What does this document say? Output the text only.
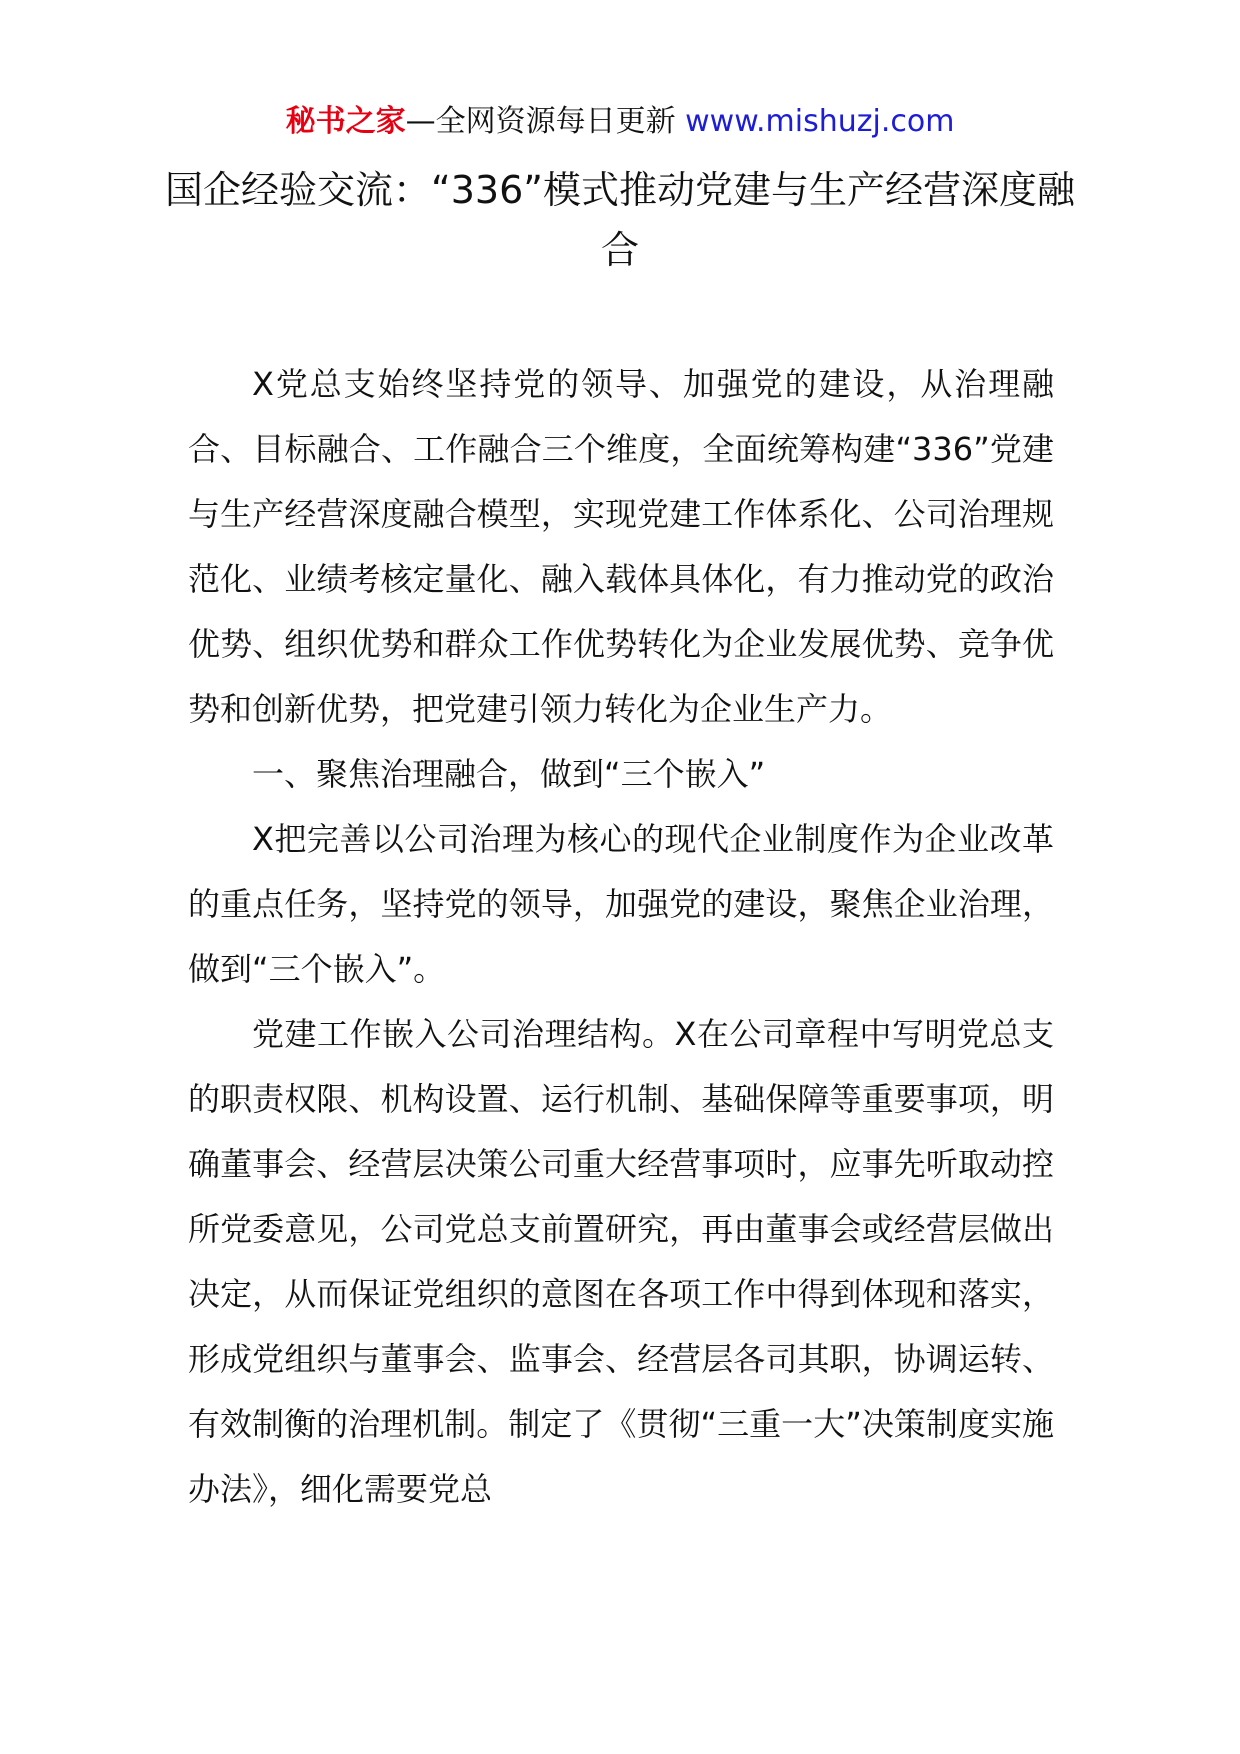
秘书之家—全网资源每日更新 www.mishuzj.com
国企经验交流：“336”模式推动党建与生产经营深度融合

X党总支始终坚持党的领导、加强党的建设，从治理融合、目标融合、工作融合三个维度，全面统筹构建“336”党建与生产经营深度融合模型，实现党建工作体系化、公司治理规范化、业绩考核定量化、融入载体具体化，有力推动党的政治优势、组织优势和群众工作优势转化为企业发展优势、竞争优势和创新优势，把党建引领力转化为企业生产力。

一、聚焦治理融合，做到“三个嵌入”

X把完善以公司治理为核心的现代企业制度作为企业改革的重点任务，坚持党的领导，加强党的建设，聚焦企业治理，做到“三个嵌入”。

党建工作嵌入公司治理结构。X在公司章程中写明党总支的职责权限、机构设置、运行机制、基础保障等重要事项，明确董事会、经营层决策公司重大经营事项时，应事先听取动控所党委意见，公司党总支前置研究，再由董事会或经营层做出决定，从而保证党组织的意图在各项工作中得到体现和落实，形成党组织与董事会、监事会、经营层各司其职，协调运转、有效制衡的治理机制。制定了《贯彻“三重一大”决策制度实施办法》，细化需要党总
